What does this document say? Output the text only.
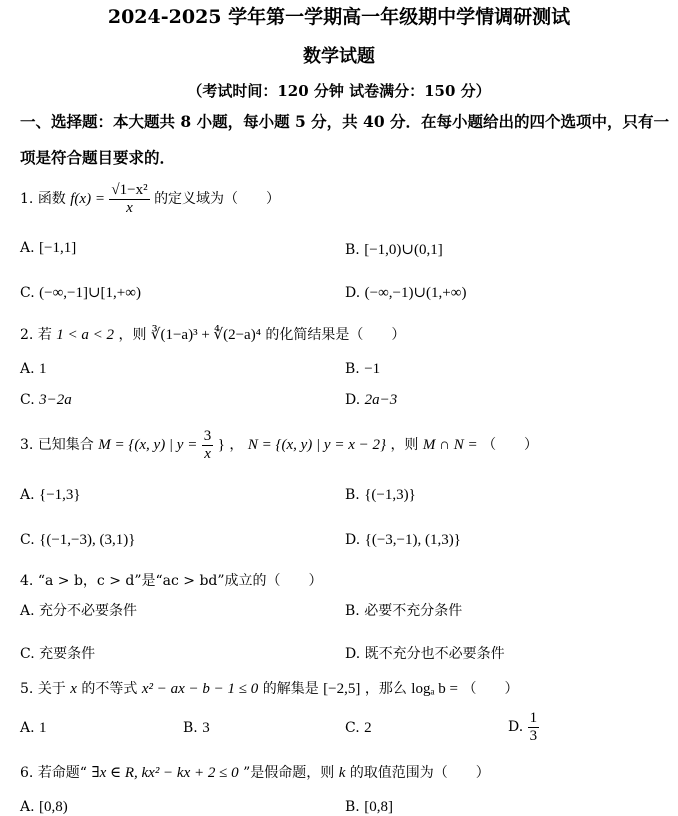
2024-2025 学年第一学期高一年级期中学情调研测试
数学试题
（考试时间：120 分钟 试卷满分：150 分）
一、选择题：本大题共 8 小题，每小题 5 分，共 40 分．在每小题给出的四个选项中，只有一项是符合题目要求的．
1. 函数 $f(x) = \frac{\text{√1−x²}}{x}$ 的定义域为（　　）
A. [−1,1]	B. [−1,0)∪(0,1]
C. (−∞,−1]∪[1,+∞)	D. (−∞,−1)∪(1,+∞)
2. 若 1 < a < 2 ，则 ∛(1−a)³ + ∜(2−a)⁴ 的化简结果是（　　）
A. 1	B. −1
C. 3−2a	D. 2a−3
3. 已知集合 M = {(x, y) | $y = \frac{3}{x}$ } ， N = {(x, y) | y = x − 2} ，则 M ∩ N = （　　）
A. {−1,3}	B. {(−1,3)}
C. {(−1,−3), (3,1)}	D. {(−3,−1), (1,3)}
4. “a > b，c > d”是“ac > bd”成立的（　　）
A. 充分不必要条件	B. 必要不充分条件
C. 充要条件	D. 既不充分也不必要条件
5. 关于 x 的不等式 x² − ax − b − 1 ≤ 0 的解集是 [−2,5] ，那么 logₐ b = （　　）
A. 1	B. 3	C. 2	D. $\frac{1}{3}$
6. 若命题“ ∃x ∈ R, kx² − kx + 2 ≤ 0 ”是假命题，则 k 的取值范围为（　　）
A. [0,8)	B. [0,8]
